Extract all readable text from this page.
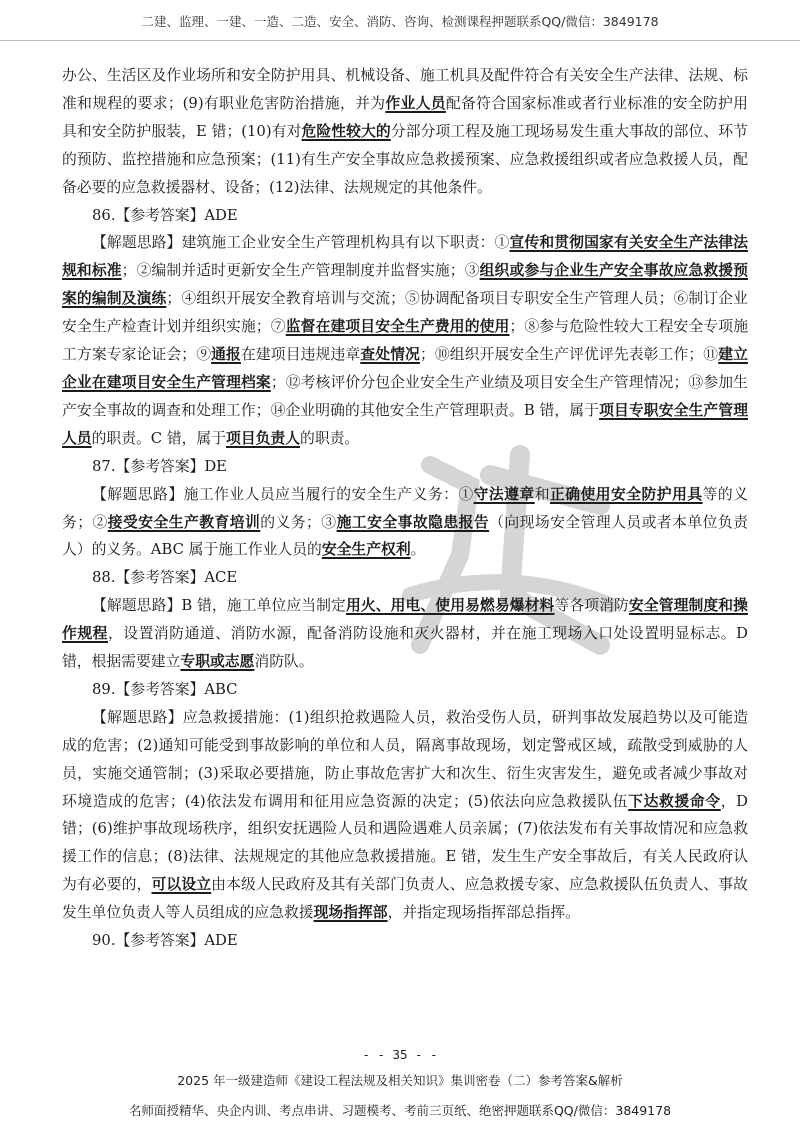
二建、监理、一建、一造、二造、安全、消防、咨询、检测课程押题联系QQ/微信：3849178

办公、生活区及作业场所和安全防护用具、机械设备、施工机具及配件符合有关安全生产法律、法规、标准和规程的要求；(9)有职业危害防治措施，并为作业人员配备符合国家标准或者行业标准的安全防护用具和安全防护服装，E 错；(10)有对危险性较大的分部分项工程及施工现场易发生重大事故的部位、环节的预防、监控措施和应急预案；(11)有生产安全事故应急救援预案、应急救援组织或者应急救援人员，配备必要的应急救援器材、设备；(12)法律、法规规定的其他条件。

86.【参考答案】ADE

【解题思路】建筑施工企业安全生产管理机构具有以下职责：①宣传和贯彻国家有关安全生产法律法规和标准；②编制并适时更新安全生产管理制度并监督实施；③组织或参与企业生产安全事故应急救援预案的编制及演练；④组织开展安全教育培训与交流；⑤协调配备项目专职安全生产管理人员；⑥制订企业安全生产检查计划并组织实施；⑦监督在建项目安全生产费用的使用；⑧参与危险性较大工程安全专项施工方案专家论证会；⑨通报在建项目违规违章查处情况；⑩组织开展安全生产评优评先表彰工作；⑪建立企业在建项目安全生产管理档案；⑫考核评价分包企业安全生产业绩及项目安全生产管理情况；⑬参加生产安全事故的调查和处理工作；⑭企业明确的其他安全生产管理职责。B 错，属于项目专职安全生产管理人员的职责。C 错，属于项目负责人的职责。

87.【参考答案】DE

【解题思路】施工作业人员应当履行的安全生产义务：①守法遵章和正确使用安全防护用具等的义务；②接受安全生产教育培训的义务；③施工安全事故隐患报告（向现场安全管理人员或者本单位负责人）的义务。ABC 属于施工作业人员的安全生产权利。

88.【参考答案】ACE

【解题思路】B 错，施工单位应当制定用火、用电、使用易燃易爆材料等各项消防安全管理制度和操作规程，设置消防通道、消防水源，配备消防设施和灭火器材，并在施工现场入口处设置明显标志。D 错，根据需要建立专职或志愿消防队。

89.【参考答案】ABC

【解题思路】应急救援措施：(1)组织抢救遇险人员，救治受伤人员，研判事故发展趋势以及可能造成的危害；(2)通知可能受到事故影响的单位和人员，隔离事故现场，划定警戒区域，疏散受到威胁的人员，实施交通管制；(3)采取必要措施，防止事故危害扩大和次生、衍生灾害发生，避免或者减少事故对环境造成的危害；(4)依法发布调用和征用应急资源的决定；(5)依法向应急救援队伍下达救援命令，D 错；(6)维护事故现场秩序，组织安抚遇险人员和遇险遇难人员亲属；(7)依法发布有关事故情况和应急救援工作的信息；(8)法律、法规规定的其他应急救援措施。E 错，发生生产安全事故后，有关人民政府认为有必要的，可以设立由本级人民政府及其有关部门负责人、应急救援专家、应急救援队伍负责人、事故发生单位负责人等人员组成的应急救援现场指挥部，并指定现场指挥部总指挥。

90.【参考答案】ADE

- - 35 - -
2025 年一级建造师《建设工程法规及相关知识》集训密卷（二）参考答案&解析
名师面授精华、央企内训、考点串讲、习题模考、考前三页纸、绝密押题联系QQ/微信：3849178
